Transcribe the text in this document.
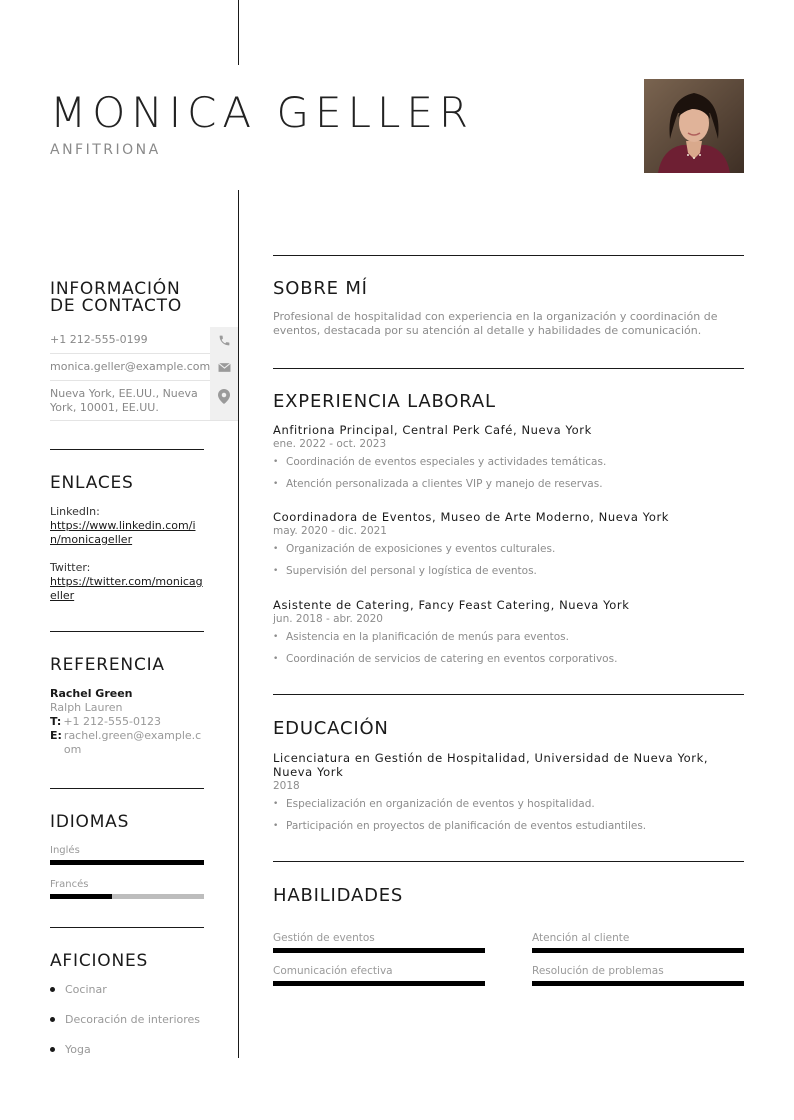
MONICA GELLER
ANFITRIONA
INFORMACIÓN
DE CONTACTO
+1 212-555-0199
monica.geller@example.com
Nueva York, EE.UU., Nueva York, 10001, EE.UU.
ENLACES
LinkedIn:
https://www.linkedin.com/in/monicageller
Twitter:
https://twitter.com/monicageller
REFERENCIA
Rachel Green
Ralph Lauren
T: +1 212-555-0123
E: rachel.green@example.com
IDIOMAS
Inglés
Francés
AFICIONES
Cocinar
Decoración de interiores
Yoga
SOBRE MÍ
Profesional de hospitalidad con experiencia en la organización y coordinación de eventos, destacada por su atención al detalle y habilidades de comunicación.
EXPERIENCIA LABORAL
Anfitriona Principal, Central Perk Café, Nueva York
ene. 2022 - oct. 2023
• Coordinación de eventos especiales y actividades temáticas.
• Atención personalizada a clientes VIP y manejo de reservas.
Coordinadora de Eventos, Museo de Arte Moderno, Nueva York
may. 2020 - dic. 2021
• Organización de exposiciones y eventos culturales.
• Supervisión del personal y logística de eventos.
Asistente de Catering, Fancy Feast Catering, Nueva York
jun. 2018 - abr. 2020
• Asistencia en la planificación de menús para eventos.
• Coordinación de servicios de catering en eventos corporativos.
EDUCACIÓN
Licenciatura en Gestión de Hospitalidad, Universidad de Nueva York, Nueva York
2018
• Especialización en organización de eventos y hospitalidad.
• Participación en proyectos de planificación de eventos estudiantiles.
HABILIDADES
Gestión de eventos	Atención al cliente
Comunicación efectiva	Resolución de problemas
